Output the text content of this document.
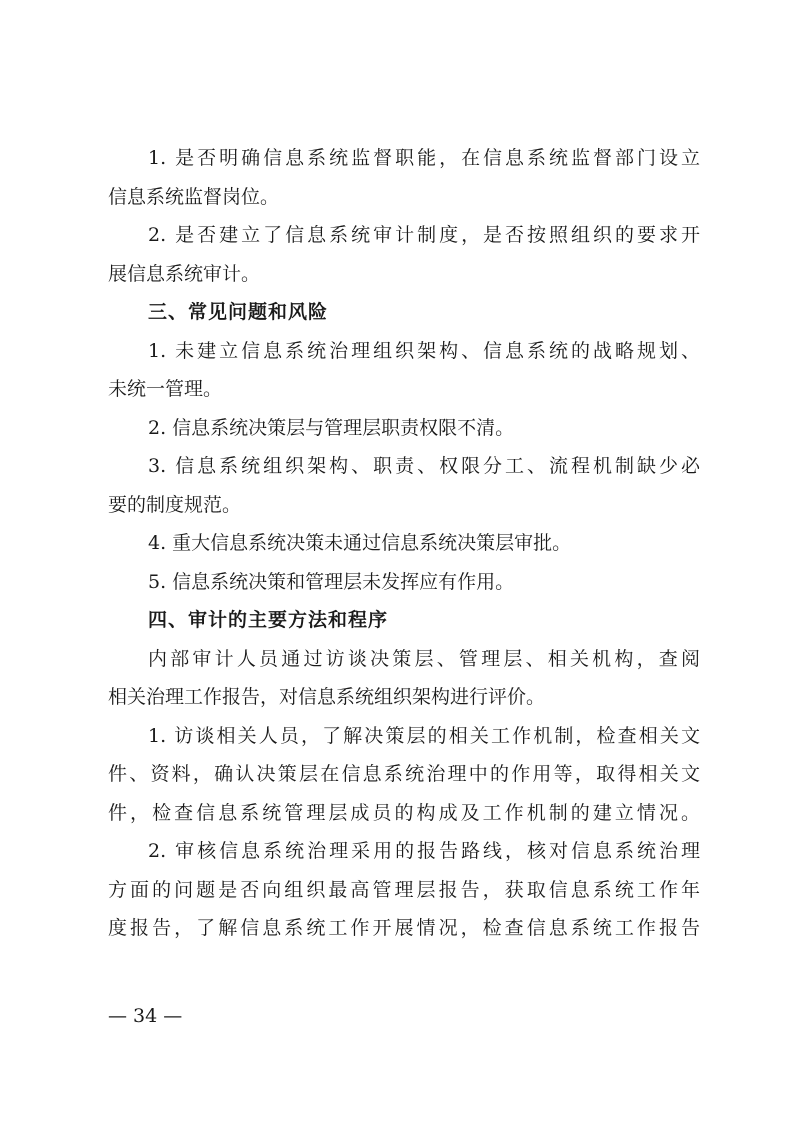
1. 是否明确信息系统监督职能，在信息系统监督部门设立
信息系统监督岗位。
2. 是否建立了信息系统审计制度，是否按照组织的要求开
展信息系统审计。
三、常见问题和风险
1. 未建立信息系统治理组织架构、信息系统的战略规划、
未统一管理。
2. 信息系统决策层与管理层职责权限不清。
3. 信息系统组织架构、职责、权限分工、流程机制缺少必
要的制度规范。
4. 重大信息系统决策未通过信息系统决策层审批。
5. 信息系统决策和管理层未发挥应有作用。
四、审计的主要方法和程序
内部审计人员通过访谈决策层、管理层、相关机构，查阅
相关治理工作报告，对信息系统组织架构进行评价。
1. 访谈相关人员，了解决策层的相关工作机制，检查相关文
件、资料，确认决策层在信息系统治理中的作用等，取得相关文
件，检查信息系统管理层成员的构成及工作机制的建立情况。
2. 审核信息系统治理采用的报告路线，核对信息系统治理
方面的问题是否向组织最高管理层报告，获取信息系统工作年
度报告，了解信息系统工作开展情况，检查信息系统工作报告
— 34 —
